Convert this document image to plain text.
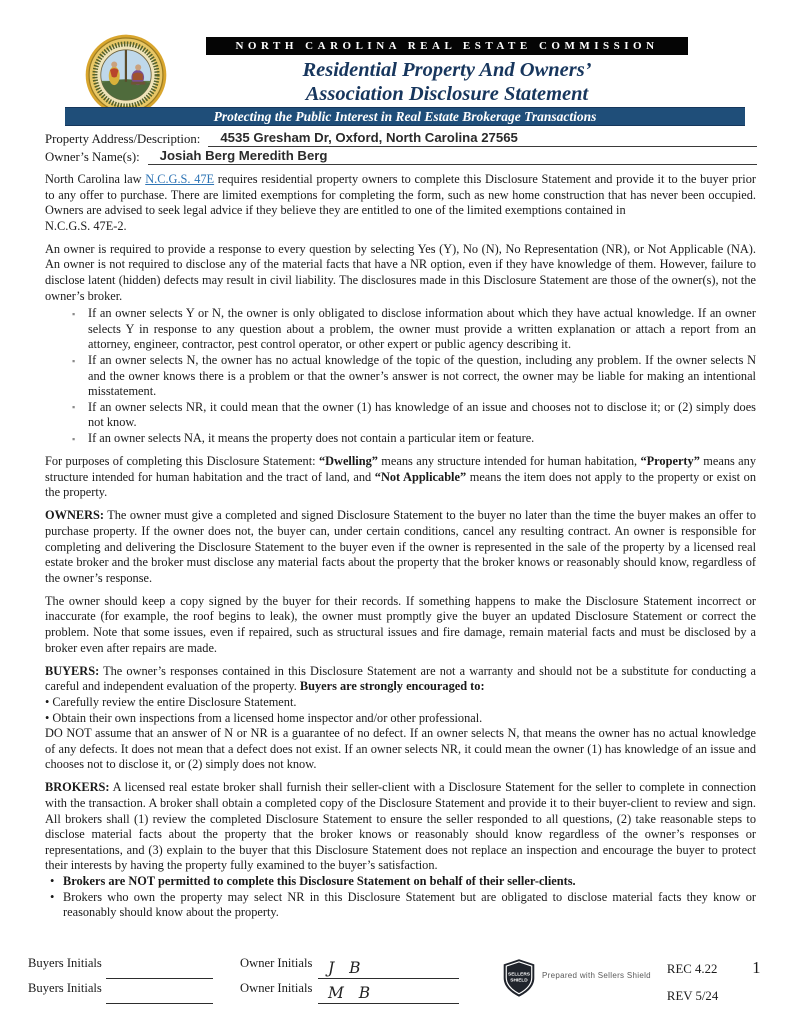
NORTH CAROLINA REAL ESTATE COMMISSION
Residential Property And Owners’
Association Disclosure Statement
Protecting the Public Interest in Real Estate Brokerage Transactions
Property Address/Description:	4535 Gresham Dr, Oxford, North Carolina 27565
Owner’s Name(s):	Josiah Berg Meredith Berg

North Carolina law N.C.G.S. 47E requires residential property owners to complete this Disclosure Statement and provide it to the buyer prior to any offer to purchase. There are limited exemptions for completing the form, such as new home construction that has never been occupied. Owners are advised to seek legal advice if they believe they are entitled to one of the limited exemptions contained in
N.C.G.S. 47E-2.

An owner is required to provide a response to every question by selecting Yes (Y), No (N), No Representation (NR), or Not Applicable (NA). An owner is not required to disclose any of the material facts that have a NR option, even if they have knowledge of them. However, failure to disclose latent (hidden) defects may result in civil liability. The disclosures made in this Disclosure Statement are those of the owner(s), not the owner’s broker.

▪ If an owner selects Y or N, the owner is only obligated to disclose information about which they have actual knowledge. If an owner selects Y in response to any question about a problem, the owner must provide a written explanation or attach a report from an attorney, engineer, contractor, pest control operator, or other expert or public agency describing it.
▪ If an owner selects N, the owner has no actual knowledge of the topic of the question, including any problem. If the owner selects N and the owner knows there is a problem or that the owner’s answer is not correct, the owner may be liable for making an intentional misstatement.
▪ If an owner selects NR, it could mean that the owner (1) has knowledge of an issue and chooses not to disclose it; or (2) simply does not know.
▪ If an owner selects NA, it means the property does not contain a particular item or feature.

For purposes of completing this Disclosure Statement: “Dwelling” means any structure intended for human habitation, “Property” means any structure intended for human habitation and the tract of land, and “Not Applicable” means the item does not apply to the property or exist on the property.

OWNERS: The owner must give a completed and signed Disclosure Statement to the buyer no later than the time the buyer makes an offer to purchase property. If the owner does not, the buyer can, under certain conditions, cancel any resulting contract. An owner is responsible for completing and delivering the Disclosure Statement to the buyer even if the owner is represented in the sale of the property by a licensed real estate broker and the broker must disclose any material facts about the property that the broker knows or reasonably should know, regardless of the owner’s response.

The owner should keep a copy signed by the buyer for their records. If something happens to make the Disclosure Statement incorrect or inaccurate (for example, the roof begins to leak), the owner must promptly give the buyer an updated Disclosure Statement or correct the problem. Note that some issues, even if repaired, such as structural issues and fire damage, remain material facts and must be disclosed by a broker even after repairs are made.

BUYERS: The owner’s responses contained in this Disclosure Statement are not a warranty and should not be a substitute for conducting a careful and independent evaluation of the property. Buyers are strongly encouraged to:

• Carefully review the entire Disclosure Statement.

• Obtain their own inspections from a licensed home inspector and/or other professional.

DO NOT assume that an answer of N or NR is a guarantee of no defect. If an owner selects N, that means the owner has no actual knowledge of any defects. It does not mean that a defect does not exist. If an owner selects NR, it could mean the owner (1) has knowledge of an issue and chooses not to disclose it, or (2) simply does not know.

BROKERS: A licensed real estate broker shall furnish their seller-client with a Disclosure Statement for the seller to complete in connection with the transaction. A broker shall obtain a completed copy of the Disclosure Statement and provide it to their buyer-client to review and sign. All brokers shall (1) review the completed Disclosure Statement to ensure the seller responded to all questions, (2) take reasonable steps to disclose material facts about the property that the broker knows or reasonably should know regardless of the owner’s responses or representations, and (3) explain to the buyer that this Disclosure Statement does not replace an inspection and encourage the buyer to protect their interests by having the property fully examined to the buyer’s satisfaction.

• Brokers are NOT permitted to complete this Disclosure Statement on behalf of their seller-clients.
• Brokers who own the property may select NR in this Disclosure Statement but are obligated to disclose material facts they know or reasonably should know about the property.
Buyers Initials	Owner Initials	J B
Buyers Initials	Owner Initials	M B
SELLERS
SHIELD
Prepared with Sellers Shield REC 4.22
REV 5/24
1
